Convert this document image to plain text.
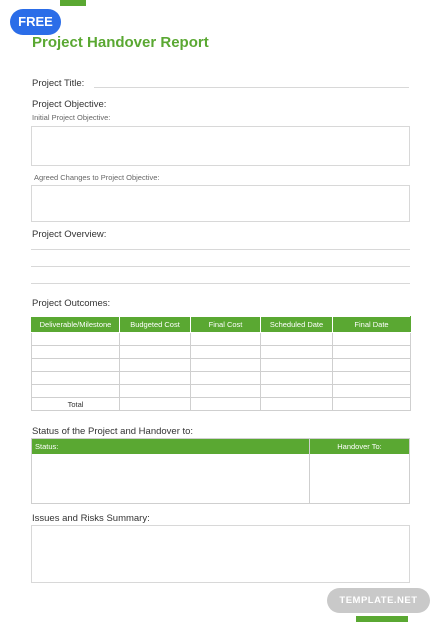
FREE
Project Handover Report
Project Title:
Project Objective:
Initial Project Objective:
Agreed Changes to Project Objective:
Project Overview:
Project Outcomes:
Deliverable/Milestone	Budgeted Cost	Final Cost	Scheduled Date	Final Date

Total				
Status of the Project and Handover to:
Status:	Handover To:
Issues and Risks Summary:
TEMPLATE.NET
